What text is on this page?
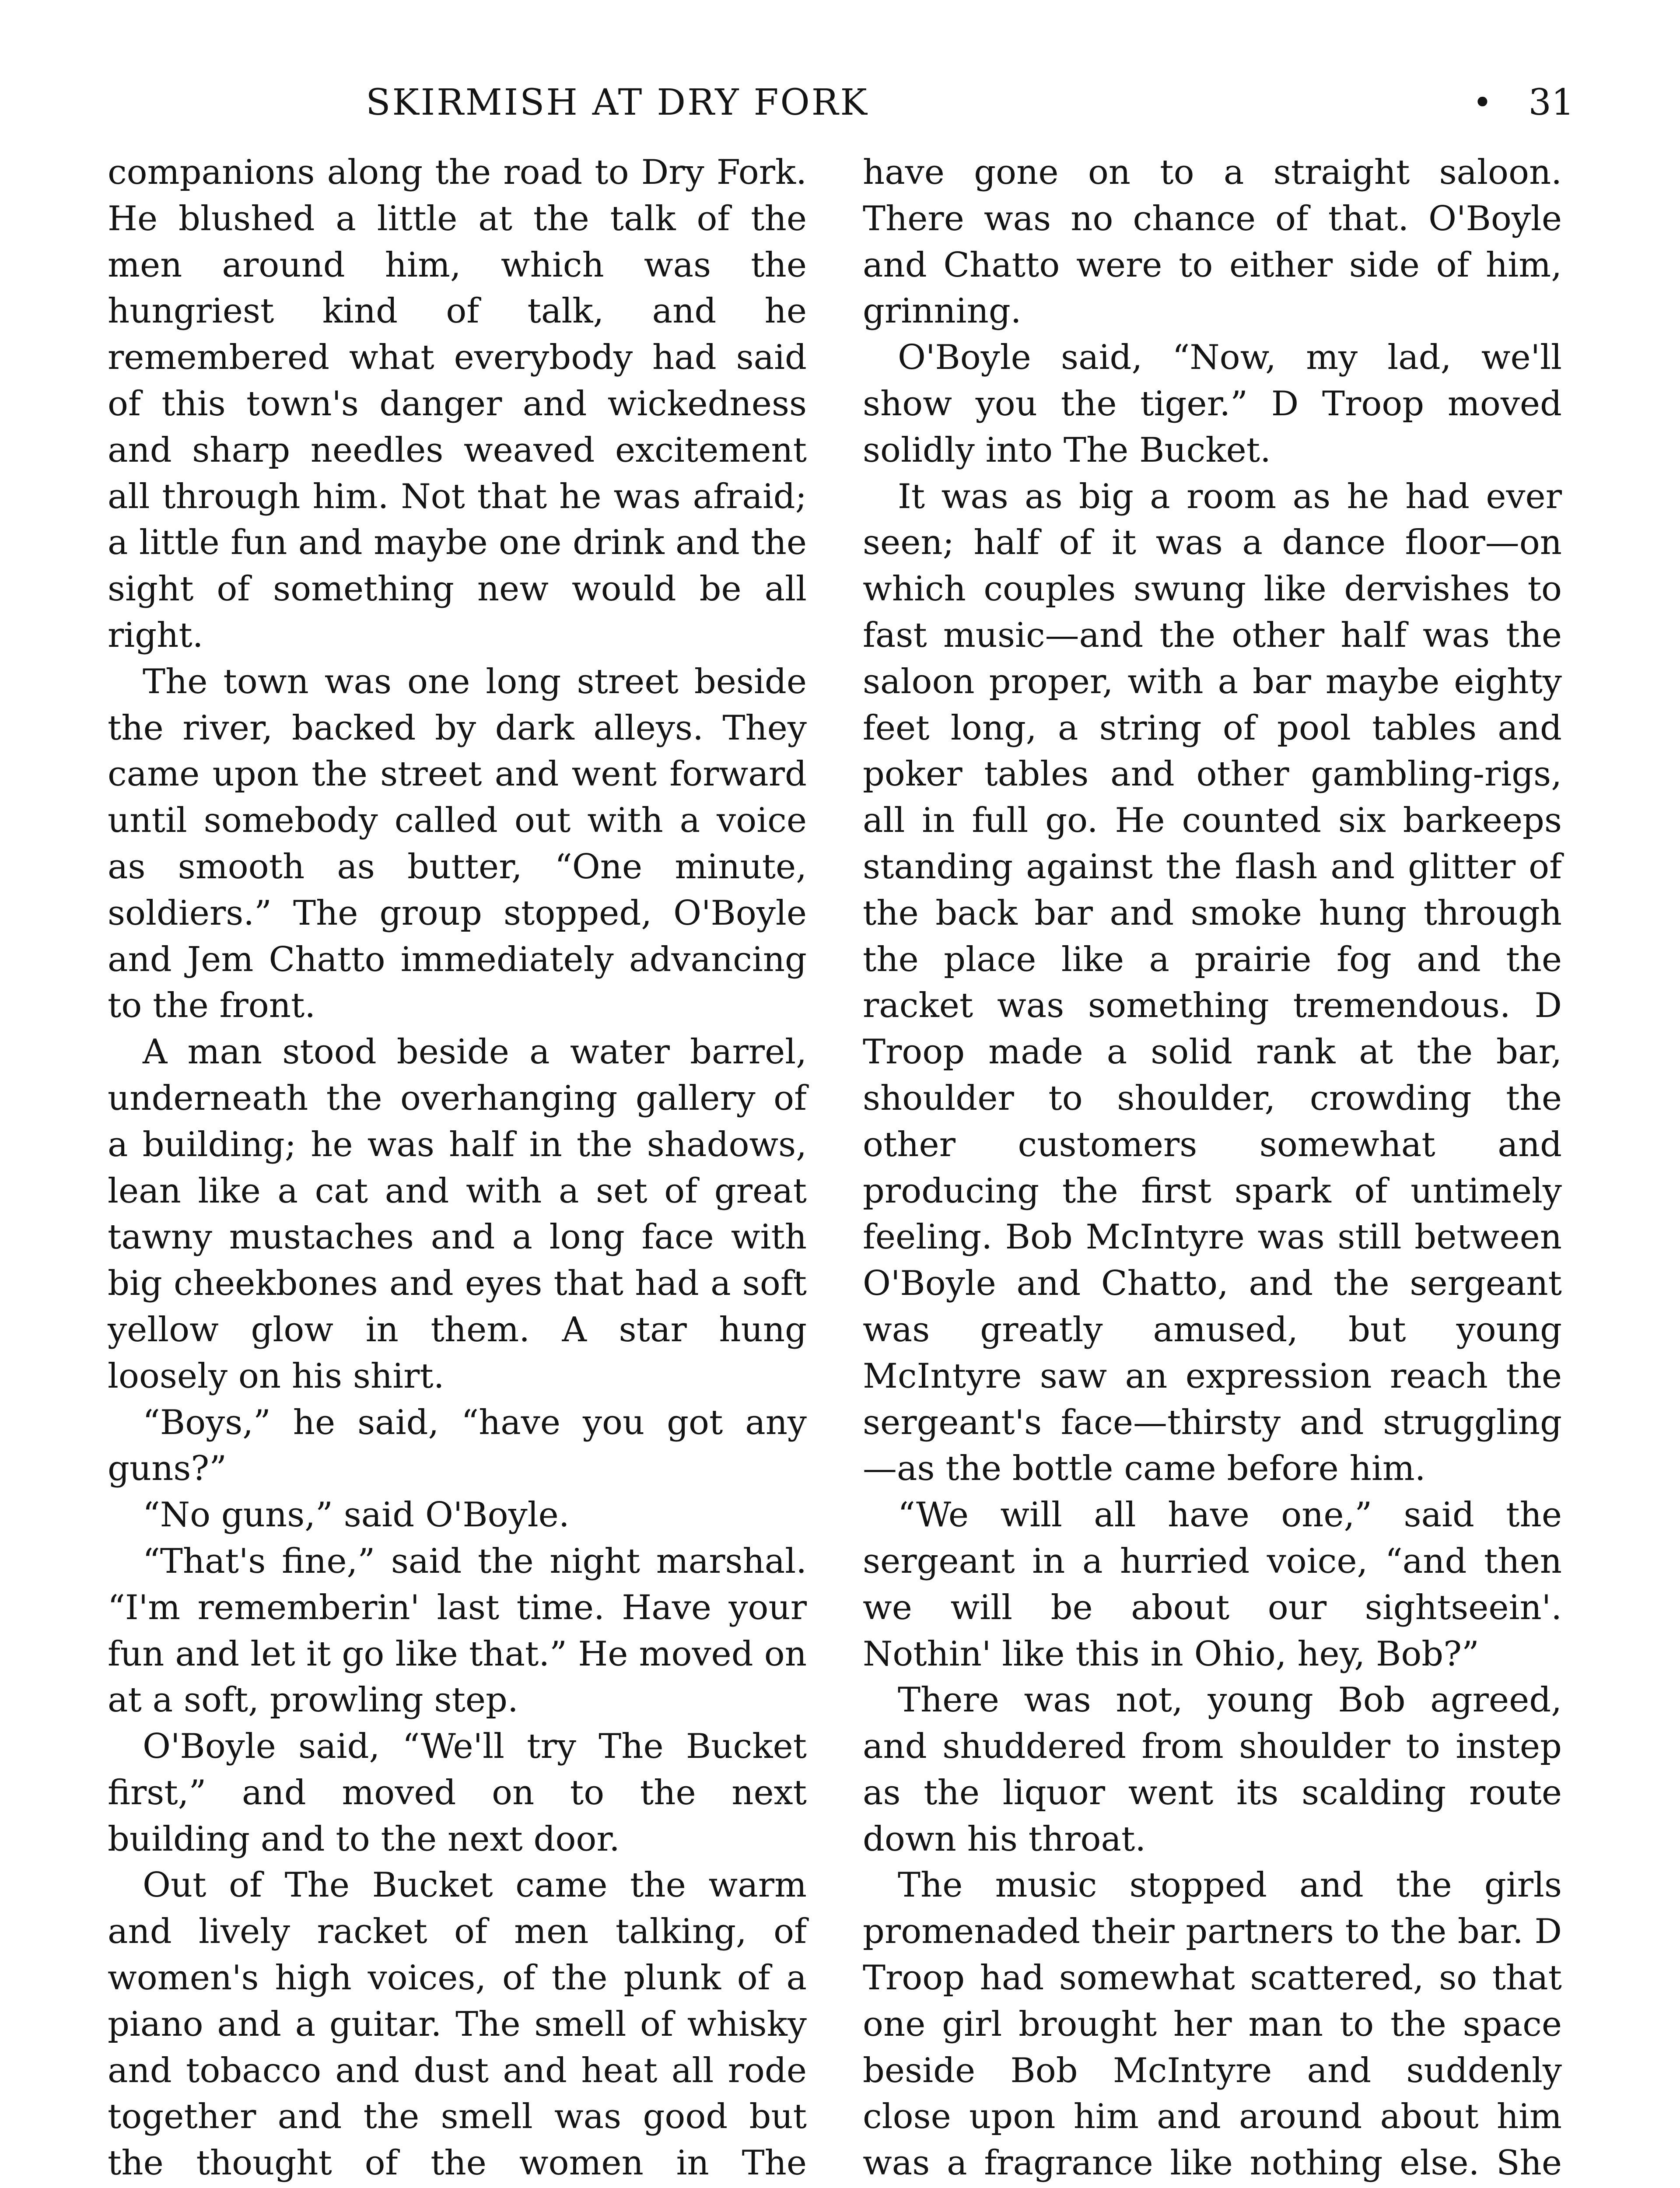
SKIRMISH AT DRY FORK	• 31

companions along the road to Dry Fork. He blushed a little at the talk of the men around him, which was the hungriest kind of talk, and he remembered what everybody had said of this town's danger and wickedness and sharp needles weaved excitement all through him. Not that he was afraid; a little fun and maybe one drink and the sight of something new would be all right.

The town was one long street beside the river, backed by dark alleys. They came upon the street and went forward until somebody called out with a voice as smooth as butter, “One minute, soldiers.” The group stopped, O'Boyle and Jem Chatto immediately advancing to the front.

A man stood beside a water barrel, underneath the overhanging gallery of a building; he was half in the shadows, lean like a cat and with a set of great tawny mustaches and a long face with big cheekbones and eyes that had a soft yellow glow in them. A star hung loosely on his shirt.

“Boys,” he said, “have you got any guns?”

“No guns,” said O'Boyle.

“That's fine,” said the night marshal. “I'm rememberin' last time. Have your fun and let it go like that.” He moved on at a soft, prowling step.

O'Boyle said, “We'll try The Bucket first,” and moved on to the next building and to the next door.

Out of The Bucket came the warm and lively racket of men talking, of women's high voices, of the plunk of a piano and a guitar. The smell of whisky and tobacco and dust and heat all rode together and the smell was good but the thought of the women in The

have gone on to a straight saloon. There was no chance of that. O'Boyle and Chatto were to either side of him, grinning.

O'Boyle said, “Now, my lad, we'll show you the tiger.” D Troop moved solidly into The Bucket.

It was as big a room as he had ever seen; half of it was a dance floor—on which couples swung like dervishes to fast music—and the other half was the saloon proper, with a bar maybe eighty feet long, a string of pool tables and poker tables and other gambling-rigs, all in full go. He counted six barkeeps standing against the flash and glitter of the back bar and smoke hung through the place like a prairie fog and the racket was something tremendous. D Troop made a solid rank at the bar, shoulder to shoulder, crowding the other customers somewhat and producing the first spark of untimely feeling. Bob McIntyre was still between O'Boyle and Chatto, and the sergeant was greatly amused, but young McIntyre saw an expression reach the sergeant's face—thirsty and struggling —as the bottle came before him.

“We will all have one,” said the sergeant in a hurried voice, “and then we will be about our sightseein'. Nothin' like this in Ohio, hey, Bob?”

There was not, young Bob agreed, and shuddered from shoulder to instep as the liquor went its scalding route down his throat.

The music stopped and the girls promenaded their partners to the bar. D Troop had somewhat scattered, so that one girl brought her man to the space beside Bob McIntyre and suddenly close upon him and around about him was a fragrance like nothing else. She
